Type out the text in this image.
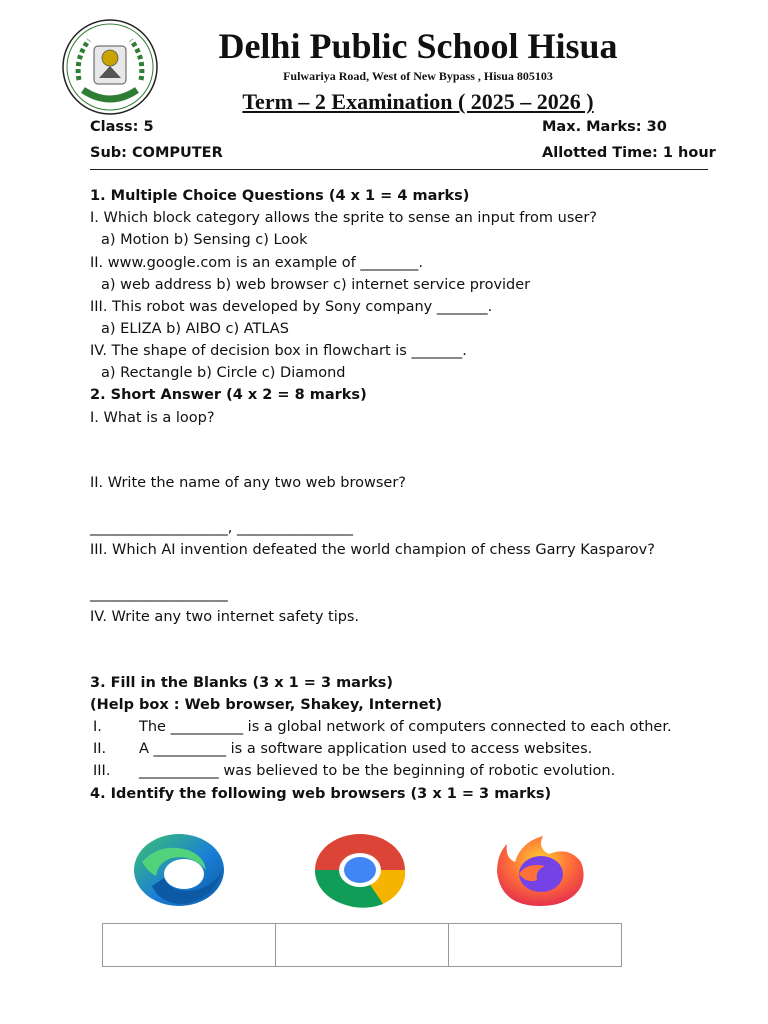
Delhi Public School Hisua
Fulwariya Road, West of New Bypass , Hisua 805103
Term – 2 Examination ( 2025 – 2026 )
Class: 5	Max. Marks: 30
Sub: COMPUTER	Allotted Time: 1 hour
1. Multiple Choice Questions (4 x 1 = 4 marks)
I. Which block category allows the sprite to sense an input from user?
a) Motion b) Sensing c) Look
II. www.google.com is an example of ________.
a) web address b) web browser c) internet service provider
III. This robot was developed by Sony company _______.
a) ELIZA b) AIBO c) ATLAS
IV. The shape of decision box in flowchart is _______.
a) Rectangle b) Circle c) Diamond
2. Short Answer (4 x 2 = 8 marks)
I. What is a loop?
II. Write the name of any two web browser?
___________________, ________________
III. Which AI invention defeated the world champion of chess Garry Kasparov?
___________________
IV. Write any two internet safety tips.
3. Fill in the Blanks (3 x 1 = 3 marks)
(Help box : Web browser, Shakey, Internet)
I.	The __________ is a global network of computers connected to each other.
II. A __________ is a software application used to access websites.
III. ___________ was believed to be the beginning of robotic evolution.
4. Identify the following web browsers (3 x 1 = 3 marks)
